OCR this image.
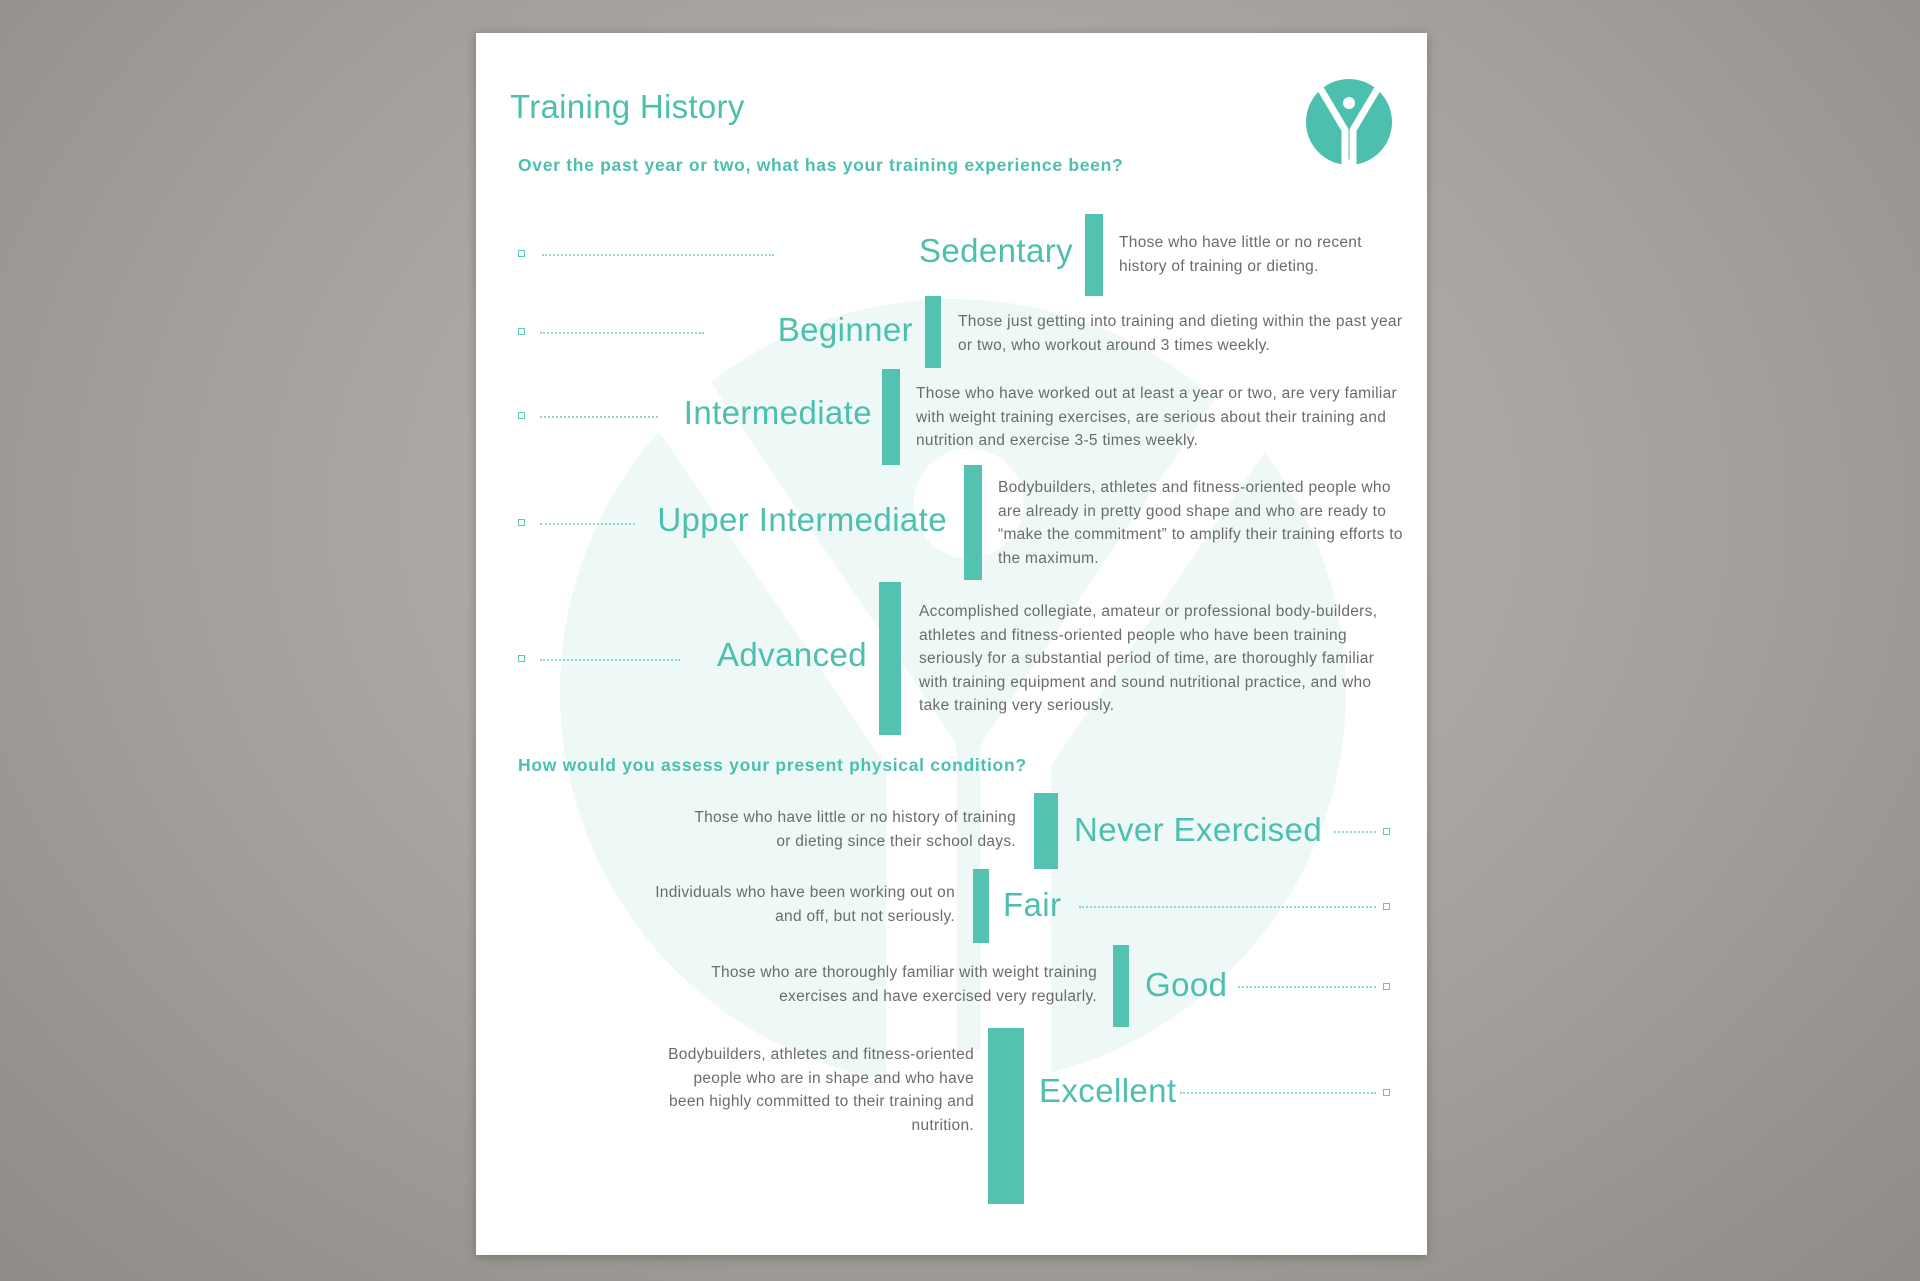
Training History
Over the past year or two, what has your training experience been?

Sedentary	Those who have little or no recent history of training or dieting.

Beginner	Those just getting into training and dieting within the past year or two, who workout around 3 times weekly.

Intermediate

Those who have worked out at least a year or two, are very familiar with weight training exercises, are serious about their training and nutrition and exercise 3-5 times weekly.

Upper Intermediate

Bodybuilders, athletes and fitness-oriented people who are already in pretty good shape and who are ready to “make the commitment” to amplify their training efforts to the maximum.

Advanced

Accomplished collegiate, amateur or professional body-builders, athletes and fitness-oriented people who have been training seriously for a substantial period of time, are thoroughly familiar with training equipment and sound nutritional practice, and who take training very seriously.

How would you assess your present physical condition?

Those who have little or no history of training or dieting since their school days. Never Exercised

Individuals who have been working out on and off, but not seriously. Fair

Those who are thoroughly familiar with weight training exercises and have exercised very regularly. Good

Bodybuilders, athletes and fitness-oriented people who are in shape and who have been highly committed to their training and nutrition.

Excellent
